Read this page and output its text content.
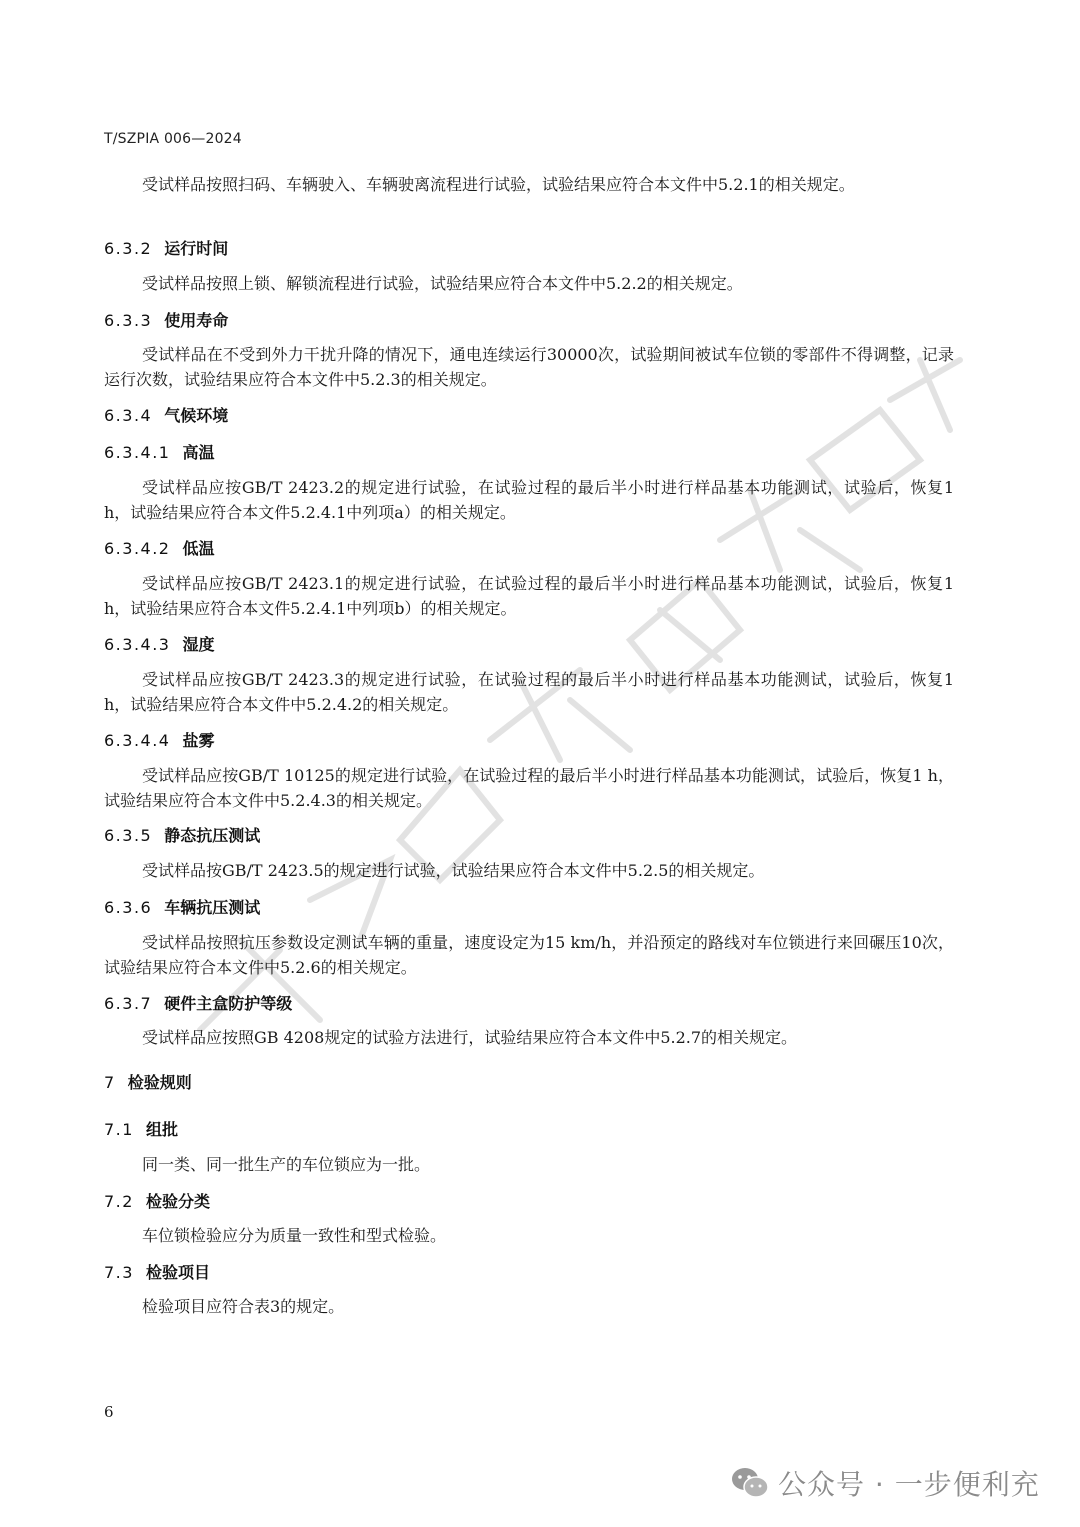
T/SZPIA 006—2024
受试样品按照扫码、车辆驶入、车辆驶离流程进行试验，试验结果应符合本文件中5.2.1的相关规定。
6.3.2 运行时间
受试样品按照上锁、解锁流程进行试验，试验结果应符合本文件中5.2.2的相关规定。
6.3.3 使用寿命
受试样品在不受到外力干扰升降的情况下，通电连续运行30000次，试验期间被试车位锁的零部件不得调整，记录运行次数，试验结果应符合本文件中5.2.3的相关规定。
6.3.4 气候环境
6.3.4.1 高温
受试样品应按GB/T 2423.2的规定进行试验，在试验过程的最后半小时进行样品基本功能测试，试验后，恢复1 h，试验结果应符合本文件5.2.4.1中列项a）的相关规定。
6.3.4.2 低温
受试样品应按GB/T 2423.1的规定进行试验，在试验过程的最后半小时进行样品基本功能测试，试验后，恢复1 h，试验结果应符合本文件5.2.4.1中列项b）的相关规定。
6.3.4.3 湿度
受试样品应按GB/T 2423.3的规定进行试验，在试验过程的最后半小时进行样品基本功能测试，试验后，恢复1 h，试验结果应符合本文件中5.2.4.2的相关规定。
6.3.4.4 盐雾
受试样品应按GB/T 10125的规定进行试验，在试验过程的最后半小时进行样品基本功能测试，试验后，恢复1 h，试验结果应符合本文件中5.2.4.3的相关规定。
6.3.5 静态抗压测试
受试样品按GB/T 2423.5的规定进行试验，试验结果应符合本文件中5.2.5的相关规定。
6.3.6 车辆抗压测试
受试样品按照抗压参数设定测试车辆的重量，速度设定为15 km/h，并沿预定的路线对车位锁进行来回碾压10次，试验结果应符合本文件中5.2.6的相关规定。
6.3.7 硬件主盒防护等级
受试样品应按照GB 4208规定的试验方法进行，试验结果应符合本文件中5.2.7的相关规定。
7 检验规则
7.1 组批
同一类、同一批生产的车位锁应为一批。
7.2 检验分类
车位锁检验应分为质量一致性和型式检验。
7.3 检验项目
检验项目应符合表3的规定。
6
公众号 · 一步便利充
